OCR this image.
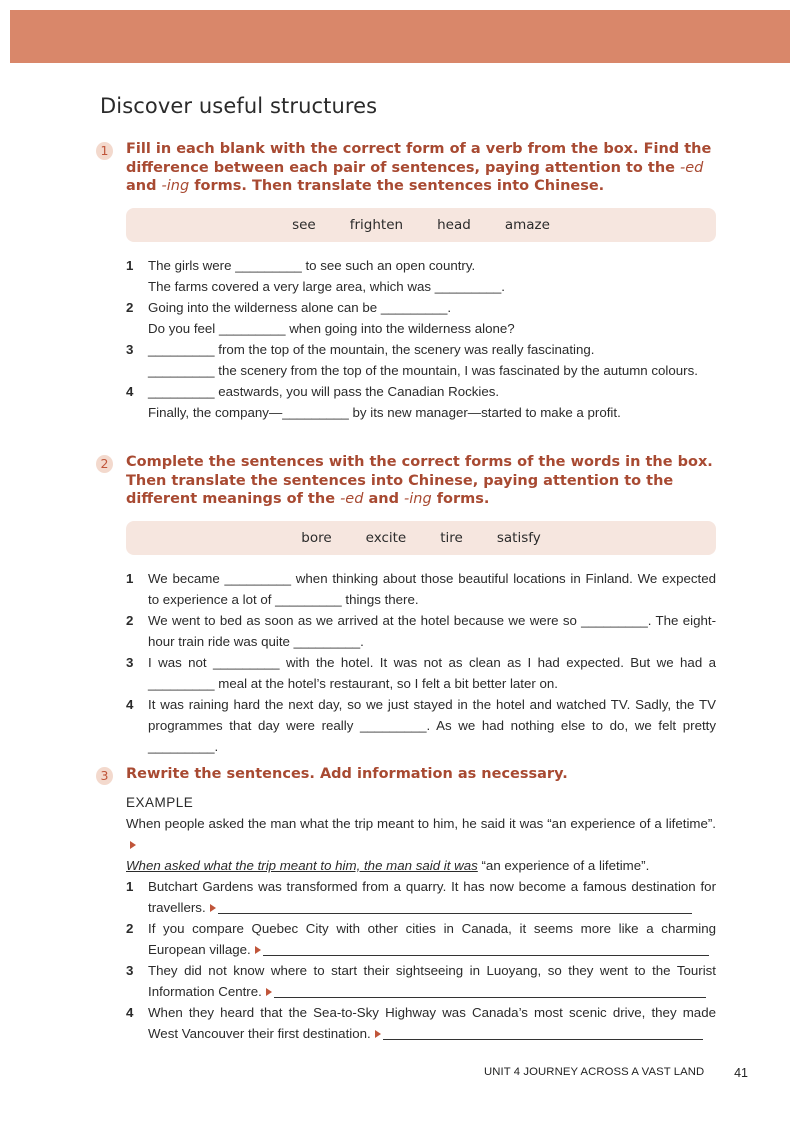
Discover useful structures
1	Fill in each blank with the correct form of a verb from the box. Find the difference between each pair of sentences, paying attention to the -ed and -ing forms. Then translate the sentences into Chinese.
see	frighten	head	amaze
1 The girls were _________ to see such an open country.
The farms covered a very large area, which was _________.
2 Going into the wilderness alone can be _________.
Do you feel _________ when going into the wilderness alone?
3 _________ from the top of the mountain, the scenery was really fascinating.
_________ the scenery from the top of the mountain, I was fascinated by the autumn colours.
4 _________ eastwards, you will pass the Canadian Rockies.
Finally, the company—_________ by its new manager—started to make a profit.
2	Complete the sentences with the correct forms of the words in the box. Then translate the sentences into Chinese, paying attention to the different meanings of the -ed and -ing forms.
bore	excite	tire	satisfy
1 We became _________ when thinking about those beautiful locations in Finland. We expected to experience a lot of _________ things there.
2 We went to bed as soon as we arrived at the hotel because we were so _________. The eight-hour train ride was quite _________.
3 I was not _________ with the hotel. It was not as clean as I had expected. But we had a _________ meal at the hotel’s restaurant, so I felt a bit better later on.
4 It was raining hard the next day, so we just stayed in the hotel and watched TV. Sadly, the TV programmes that day were really _________. As we had nothing else to do, we felt pretty _________.
3	Rewrite the sentences. Add information as necessary.
EXAMPLE
When people asked the man what the trip meant to him, he said it was “an experience of a lifetime”.
When asked what the trip meant to him, the man said it was “an experience of a lifetime”.
1 Butchart Gardens was transformed from a quarry. It has now become a famous destination for travellers.
2 If you compare Quebec City with other cities in Canada, it seems more like a charming European village.
3 They did not know where to start their sightseeing in Luoyang, so they went to the Tourist Information Centre.
4 When they heard that the Sea-to-Sky Highway was Canada’s most scenic drive, they made West Vancouver their first destination.
UNIT 4 JOURNEY ACROSS A VAST LAND 41
